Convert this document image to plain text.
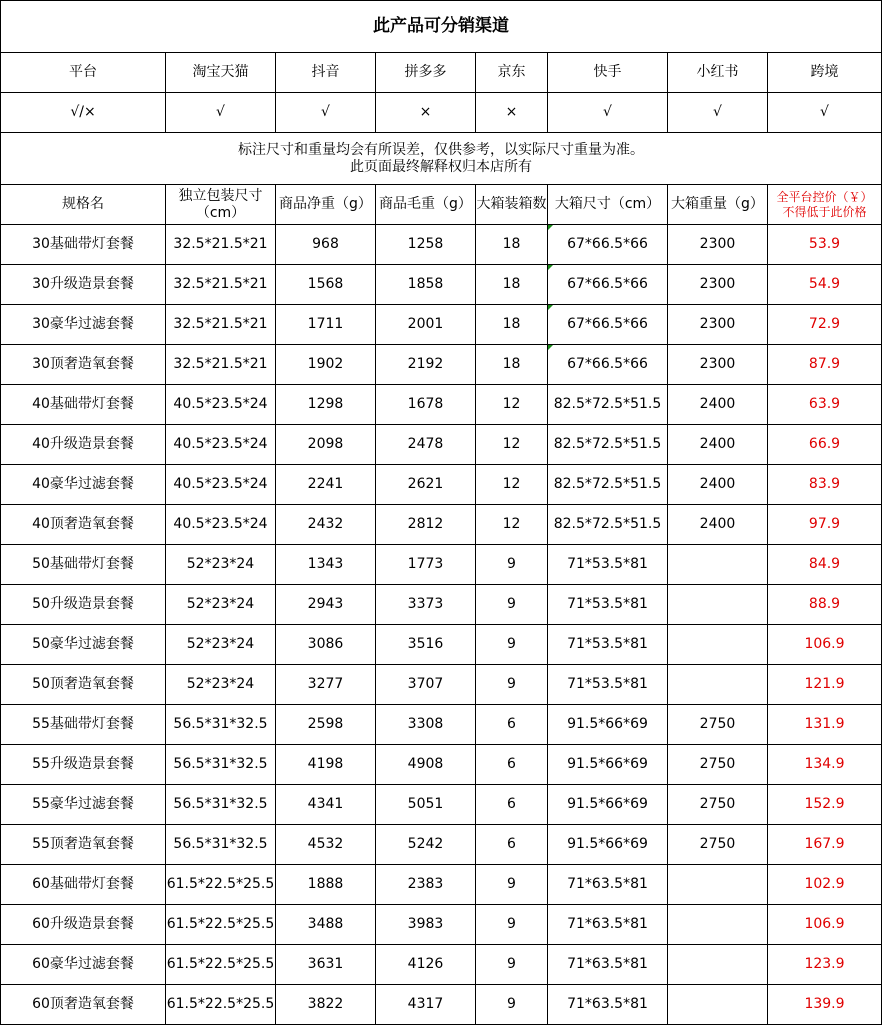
此产品可分销渠道							
平台	淘宝天猫	抖音	拼多多	京东	快手	小红书	跨境
√/×	√	√	×	×	√	√	√

标注尺寸和重量均会有所误差，仅供参考，以实际尺寸重量为准。
此页面最终解释权归本店所有							

规格名	独立包装尺寸（cm）	商品净重（g）	商品毛重（g）	大箱装箱数	大箱尺寸（cm）	大箱重量（g）	全平台控价（￥）
不得低于此价格

30基础带灯套餐	32.5*21.5*21	968	1258	18	67*66.5*66	2300	53.9
30升级造景套餐	32.5*21.5*21	1568	1858	18	67*66.5*66	2300	54.9
30豪华过滤套餐	32.5*21.5*21	1711	2001	18	67*66.5*66	2300	72.9
30顶奢造氧套餐	32.5*21.5*21	1902	2192	18	67*66.5*66	2300	87.9
40基础带灯套餐	40.5*23.5*24	1298	1678	12	82.5*72.5*51.5	2400	63.9
40升级造景套餐	40.5*23.5*24	2098	2478	12	82.5*72.5*51.5	2400	66.9
40豪华过滤套餐	40.5*23.5*24	2241	2621	12	82.5*72.5*51.5	2400	83.9
40顶奢造氧套餐	40.5*23.5*24	2432	2812	12	82.5*72.5*51.5	2400	97.9
50基础带灯套餐	52*23*24	1343	1773	9	71*53.5*81		84.9
50升级造景套餐	52*23*24	2943	3373	9	71*53.5*81		88.9
50豪华过滤套餐	52*23*24	3086	3516	9	71*53.5*81		106.9
50顶奢造氧套餐	52*23*24	3277	3707	9	71*53.5*81		121.9
55基础带灯套餐	56.5*31*32.5	2598	3308	6	91.5*66*69	2750	131.9
55升级造景套餐	56.5*31*32.5	4198	4908	6	91.5*66*69	2750	134.9
55豪华过滤套餐	56.5*31*32.5	4341	5051	6	91.5*66*69	2750	152.9
55顶奢造氧套餐	56.5*31*32.5	4532	5242	6	91.5*66*69	2750	167.9
60基础带灯套餐	61.5*22.5*25.5	1888	2383	9	71*63.5*81		102.9
60升级造景套餐	61.5*22.5*25.5	3488	3983	9	71*63.5*81		106.9
60豪华过滤套餐	61.5*22.5*25.5	3631	4126	9	71*63.5*81		123.9
60顶奢造氧套餐	61.5*22.5*25.5	3822	4317	9	71*63.5*81		139.9
